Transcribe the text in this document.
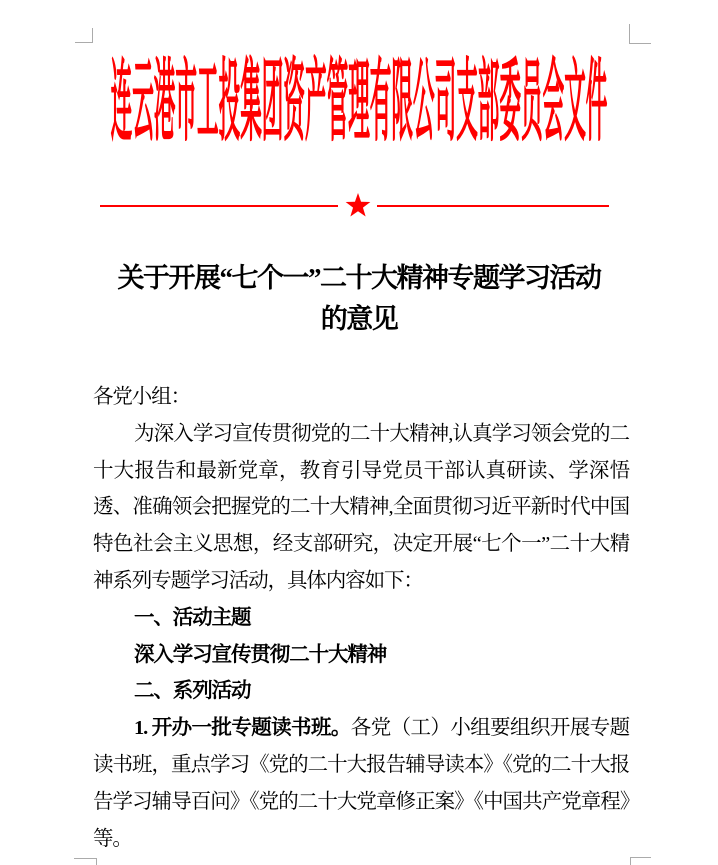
连云港市工投集团资产管理有限公司支部委员会文件
关于开展“七个一”二十大精神专题学习活动
的意见

各党小组：

为深入学习宣传贯彻党的二十大精神,认真学习领会党的二十大报告和最新党章，教育引导党员干部认真研读、学深悟透、准确领会把握党的二十大精神,全面贯彻习近平新时代中国特色社会主义思想，经支部研究，决定开展“七个一”二十大精神系列专题学习活动，具体内容如下：

一、活动主题

深入学习宣传贯彻二十大精神

二、系列活动

1. 开办一批专题读书班。各党（工）小组要组织开展专题读书班，重点学习《党的二十大报告辅导读本》《党的二十大报告学习辅导百问》《党的二十大党章修正案》《中国共产党章程》等。
